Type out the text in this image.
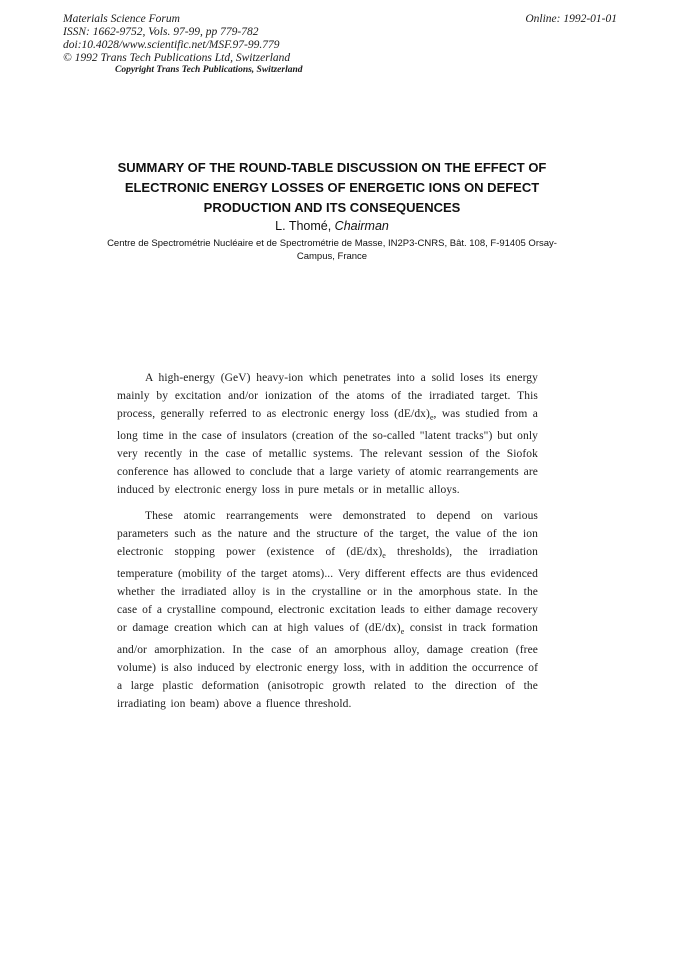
Materials Science Forum
ISSN: 1662-9752, Vols. 97-99, pp 779-782
doi:10.4028/www.scientific.net/MSF.97-99.779
© 1992 Trans Tech Publications Ltd, Switzerland
Online: 1992-01-01
Copyright Trans Tech Publications, Switzerland
SUMMARY OF THE ROUND-TABLE DISCUSSION ON THE EFFECT OF ELECTRONIC ENERGY LOSSES OF ENERGETIC IONS ON DEFECT PRODUCTION AND ITS CONSEQUENCES
L. Thomé, Chairman
Centre de Spectrométrie Nucléaire et de Spectrométrie de Masse, IN2P3-CNRS, Bât. 108, F-91405 Orsay-Campus, France

A high-energy (GeV) heavy-ion which penetrates into a solid loses its energy mainly by excitation and/or ionization of the atoms of the irradiated target. This process, generally referred to as electronic energy loss $(dE/dx)_e$, was studied from a long time in the case of insulators (creation of the so-called "latent tracks") but only very recently in the case of metallic systems. The relevant session of the Siofok conference has allowed to conclude that a large variety of atomic rearrangements are induced by electronic energy loss in pure metals or in metallic alloys.

These atomic rearrangements were demonstrated to depend on various parameters such as the nature and the structure of the target, the value of the ion electronic stopping power (existence of $(dE/dx)_e$ thresholds), the irradiation temperature (mobility of the target atoms)... Very different effects are thus evidenced whether the irradiated alloy is in the crystalline or in the amorphous state. In the case of a crystalline compound, electronic excitation leads to either damage recovery or damage creation which can at high values of $(dE/dx)_e$ consist in track formation and/or amorphization. In the case of an amorphous alloy, damage creation (free volume) is also induced by electronic energy loss, with in addition the occurrence of a large plastic deformation (anisotropic growth related to the direction of the irradiating ion beam) above a fluence threshold.
